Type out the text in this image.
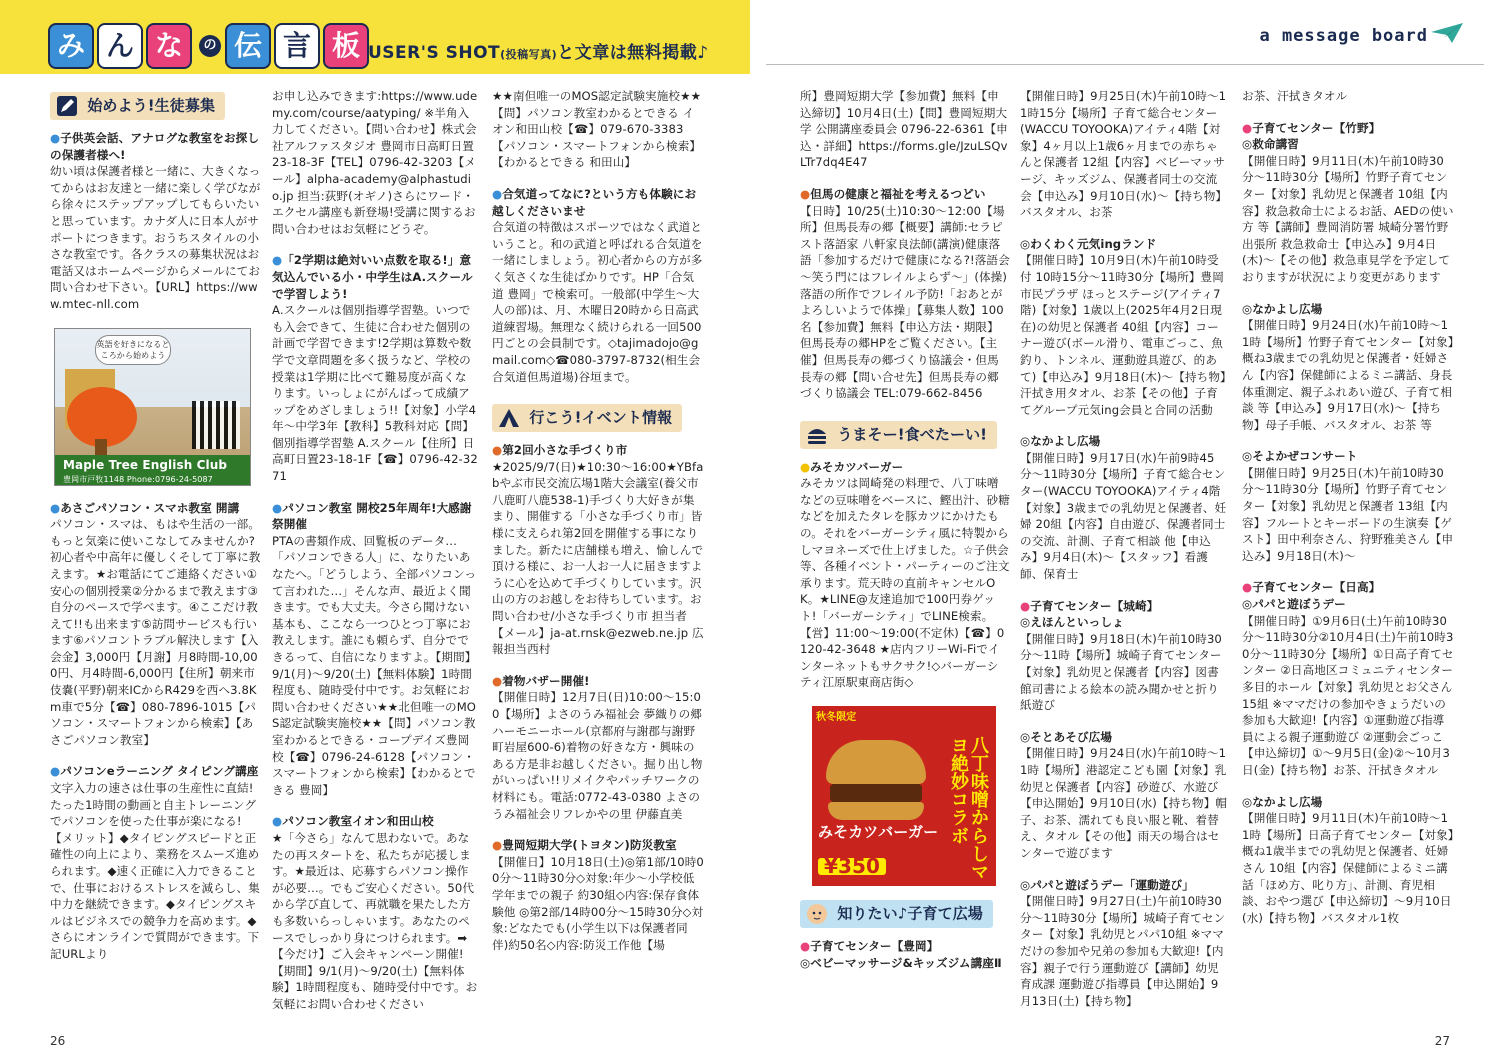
み ん な	の 伝 言 板 USER'S SHOT(投稿写真)と文章は無料掲載♪
始めよう!生徒募集
● 子供英会話、アナログな教室をお探しの保護者様へ!

幼い頃は保護者様と一緒に、大きくなってからはお友達と一緒に楽しく学びながら徐々にステップアップしてもらいたいと思っています。カナダ人に日本人がサポートにつきます。おうちスタイルの小さな教室です。各クラスの募集状況はお電話又はホームページからメールにてお問い合わせ下さい。【URL】https://www.mtec-nll.com

英語を好きになるところから始めよう
Maple Tree English Club
豊岡市戸牧1148 Phone:0796-24-5087
● あさごパソコン・スマホ教室 開講

パソコン・スマは、もはや生活の一部。もっと気楽に使いこなしてみませんか?初心者や中高年に優しくそして丁寧に教えます。★お電話にてご連絡ください①安心の個別授業②分かるまで教えます③自分のペースで学べます。④ここだけ教えて!!も出来ます⑤訪問サービスも行います⑥パソコントラブル解決します【入会金】3,000円【月謝】月8時間-10,000円、月4時間-6,000円【住所】朝来市伎嚢(平野)朝来ICからR429を西へ3.8Km車で5分【☎】080-7896-1015【パソコン・スマートフォンから検索】【あさごパソコン教室】

● パソコンeラーニング タイピング講座

文字入力の速さは仕事の生産性に直結!たった1時間の動画と自主トレーニングでパソコンを使った仕事が楽になる!【メリット】◆タイピングスピードと正確性の向上により、業務をスムーズ進められます。◆速く正確に入力できることで、仕事におけるストレスを減らし、集中力を継続できます。◆タイピングスキルはビジネスでの競争力を高めます。◆さらにオンラインで質問ができます。下記URLより

お申し込みできます:https://www.udemy.com/course/aatyping/ ※半角入力してください。【問い合わせ】株式会社アルファスタジオ 豊岡市日高町日置23-18-3F【TEL】0796-42-3203【メール】alpha-academy@alphastudio.jp 担当:荻野(オギノ)さらにワード・エクセル講座も新登場!受講に関するお問い合わせはお気軽にどうぞ。

● 「2学期は絶対いい点数を取る!」意気込んでいる小・中学生はA.スクールで学習しよう!

A.スクールは個別指導学習塾。いつでも入会できて、生徒に合わせた個別の計画で学習できます!2学期は算数や数学で文章問題を多く扱うなど、学校の授業は1学期に比べて難易度が高くなります。いっしょにがんばって成績アップをめざしましょう!!【対象】小学4年〜中学3年【教科】5教科対応【問】個別指導学習塾 A.スクール【住所】日高町日置23-18-1F【☎】0796-42-3271

● パソコン教室 開校25年周年!大感謝祭開催

PTAの書類作成、回覧板のデータ…「パソコンできる人」に、なりたいあなたへ。「どうしよう、全部パソコンって言われた…」そんな声、最近よく聞きます。でも大丈夫。今さら聞けない基本も、ここなら一つひとつ丁寧にお教えします。誰にも頼らず、自分でできるって、自信になりますよ。【期間】9/1(月)〜9/20(土)【無料体験】1時間程度も、随時受付中です。お気軽にお問い合わせください★★北但唯一のMOS認定試験実施校★★【問】パソコン教室わかるとできる・コープデイズ豊岡校【☎】0796-24-6128【パソコン・スマートフォンから検索】【わかるとできる 豊岡】

● パソコン教室イオン和田山校

★「今さら」なんて思わないで。あなたの再スタートを、私たちが応援します。★最近は、応募すらパソコン操作が必要…。でもご安心ください。50代から学び直して、再就職を果たした方も多数いらっしゃいます。あなたのペースでしっかり身につけられます。➡【今だけ】ご入会キャンペーン開催!【期間】9/1(月)〜9/20(土)【無料体験】1時間程度も、随時受付中です。お気軽にお問い合わせください

★★南但唯一のMOS認定試験実施校★★【問】パソコン教室わかるとできる イオン和田山校【☎】079-670-3383【パソコン・スマートフォンから検索】【わかるとできる 和田山】

● 合気道ってなに?という方も体験にお越しくださいませ

合気道の特徴はスポーツではなく武道ということ。和の武道と呼ばれる合気道を一緒にしましょう。初心者からの方が多く気さくな生徒ばかりです。HP「合気道 豊岡」で検索可。一般部(中学生〜大人の部)は、月、木曜日20時から日高武道練習場。無理なく続けられる一回500円ごとの会員制です。◇tajimadojo@gmail.com◇☎080-3797-8732(相生会合気道但馬道場)谷垣まで。

行こう!イベント情報
● 第2回小さな手づくり市

★2025/9/7(日)★10:30〜16:00★YBfabやぶ市民交流広場1階大会議室(養父市八鹿町八鹿538-1)手づくり大好きが集まり、開催する「小さな手づくり市」皆様に支えられ第2回を開催する事になりました。新たに店舗様も増え、愉しんで頂ける様に、お一人お一人に届きますように心を込めて手づくりしています。沢山の方のお越しをお待ちしています。お問い合わせ/小さな手づくり市 担当者【メール】ja-at.rnsk@ezweb.ne.jp 広報担当西村

● 着物バザー開催!

【開催日時】12月7日(日)10:00〜15:00【場所】よさのうみ福祉会 夢織りの郷ハーモニーホール(京都府与謝郡与謝野町岩屋600-6)着物の好きな方・興味のある方是非お越しください。掘り出し物がいっぱい!!リメイクやパッチワークの材料にも。電話:0772-43-0380 よさのうみ福祉会リフレかやの里 伊藤直美

● 豊岡短期大学(トヨタン)防災教室

【開催日】10月18日(土)◎第1部/10時00分〜11時30分◇対象:年少〜小学校低学年までの親子 約30組◇内容:保存食体験他 ◎第2部/14時00分〜15時30分◇対象:どなたでも(小学生以下は保護者同伴)約50名◇内容:防災工作他【場

26
a message board

所】豊岡短期大学【参加費】無料【申込締切】10月4日(土)【問】豊岡短期大学 公開講座委員会 0796-22-6361【申込・詳細】https://forms.gle/JzuLSQvLTr7dq4E47

● 但馬の健康と福祉を考えるつどい

【日時】10/25(土)10:30〜12:00【場所】但馬長寿の郷【概要】講師:セラピスト落語家 八軒家良法師(講演)健康落語「参加するだけで健康になる?!落語会 〜笑う門にはフレイルよらず〜」(体操)落語の所作でフレイル予防!「おあとがよろしいようで体操」【募集人数】100名【参加費】無料【申込方法・期限】但馬長寿の郷HPをご覧ください。【主催】但馬長寿の郷づくり協議会・但馬長寿の郷【問い合せ先】但馬長寿の郷づくり協議会 TEL:079-662-8456

うまそー!食べたーい!
● みそカツバーガー

みそカツは岡崎発の料理で、八丁味噌などの豆味噌をベースに、鰹出汁、砂糖などを加えたタレを豚カツにかけたもの。それをバーガーシティ風に特製からしマヨネーズで仕上げました。☆子供会等、各種イベント・パーティーのご注文承ります。荒天時の直前キャンセルOK。★LINE@友達追加で100円券ゲット!「バーガーシティ」でLINE検索。【営】11:00〜19:00(不定休)【☎】0120-42-3648 ★店内フリーWi-Fiでインターネットもサクサク!◇バーガーシティ江原駅東商店街◇

秋冬限定
八丁味噌からしマヨ絶妙コラボ
みそカツバーガー
¥350
知りたい♪子育て広場
● 子育てセンター【豊岡】
◎ベビーマッサージ&キッズジム講座Ⅱ

【開催日時】9月25日(木)午前10時〜11時15分【場所】子育て総合センター(WACCU TOYOOKA)アイティ4階【対象】4ヶ月以上1歳6ヶ月までの赤ちゃんと保護者 12組【内容】ベビーマッサージ、キッズジム、保護者同士の交流会【申込み】9月10日(水)〜【持ち物】バスタオル、お茶

◎わくわく元気ingランド

【開催日時】10月9日(木)午前10時受付 10時15分〜11時30分【場所】豊岡市民プラザ ほっとステージ(アイティ7階)【対象】1歳以上(2025年4月2日現在)の幼児と保護者 40組【内容】コーナー遊び(ボール滑り、電車ごっこ、魚釣り、トンネル、運動遊具遊び、的あて)【申込み】9月18日(木)〜【持ち物】汗拭き用タオル、お茶【その他】子育てグループ元気ing会員と合同の活動

◎なかよし広場

【開催日時】9月17日(水)午前9時45分〜11時30分【場所】子育て総合センター(WACCU TOYOOKA)アイティ4階【対象】3歳までの乳幼児と保護者、妊婦 20組【内容】自由遊び、保護者同士の交流、計測、子育て相談 他【申込み】9月4日(木)〜【スタッフ】看護師、保育士

● 子育てセンター【城崎】
◎えほんといっしょ

【開催日時】9月18日(木)午前10時30分〜11時【場所】城崎子育てセンター【対象】乳幼児と保護者【内容】図書館司書による絵本の読み聞かせと折り紙遊び

◎そとあそび広場

【開催日時】9月24日(水)午前10時〜11時【場所】港認定こども園【対象】乳幼児と保護者【内容】砂遊び、水遊び【申込開始】9月10日(水)【持ち物】帽子、お茶、濡れても良い服と靴、着替え、タオル【その他】雨天の場合はセンターで遊びます

◎パパと遊ぼうデー「運動遊び」

【開催日時】9月27日(土)午前10時30分〜11時30分【場所】城崎子育てセンター【対象】乳幼児とパパ10組 ※ママだけの参加や兄弟の参加も大歓迎!【内容】親子で行う運動遊び【講師】幼児育成課 運動遊び指導員【申込開始】9月13日(土)【持ち物】

お茶、汗拭きタオル

● 子育てセンター【竹野】
◎救命講習

【開催日時】9月11日(木)午前10時30分〜11時30分【場所】竹野子育てセンター【対象】乳幼児と保護者 10組【内容】救急救命士によるお話、AEDの使い方 等【講師】豊岡消防署 城崎分署竹野出張所 救急救命士【申込み】9月4日(木)〜【その他】救急車見学を予定しておりますが状況により変更があります

◎なかよし広場

【開催日時】9月24日(水)午前10時〜11時【場所】竹野子育てセンター【対象】概ね3歳までの乳幼児と保護者・妊婦さん【内容】保健師によるミニ講話、身長体重測定、親子ふれあい遊び、子育て相談 等【申込み】9月17日(水)〜【持ち物】母子手帳、バスタオル、お茶 等

◎そよかぜコンサート

【開催日時】9月25日(木)午前10時30分〜11時30分【場所】竹野子育てセンター【対象】乳幼児と保護者 13組【内容】フルートとキーボードの生演奏【ゲスト】田中利奈さん、狩野雅美さん【申込み】9月18日(木)〜

● 子育てセンター【日高】
◎パパと遊ぼうデー

【開催日時】①9月6日(土)午前10時30分〜11時30分②10月4日(土)午前10時30分〜11時30分【場所】①日高子育てセンター ②日高地区コミュニティセンター 多目的ホール【対象】乳幼児とお父さん 15組 ※ママだけの参加やきょうだいの参加も大歓迎!【内容】①運動遊び指導員による親子運動遊び ②運動会ごっこ【申込締切】①〜9月5日(金)②〜10月3日(金)【持ち物】お茶、汗拭きタオル

◎なかよし広場

【開催日時】9月11日(木)午前10時〜11時【場所】日高子育てセンター【対象】概ね1歳半までの乳幼児と保護者、妊婦さん 10組【内容】保健師によるミニ講話「ほめ方、叱り方」、計測、育児相談、おやつ選び【申込締切】〜9月10日(水)【持ち物】バスタオル1枚

27
